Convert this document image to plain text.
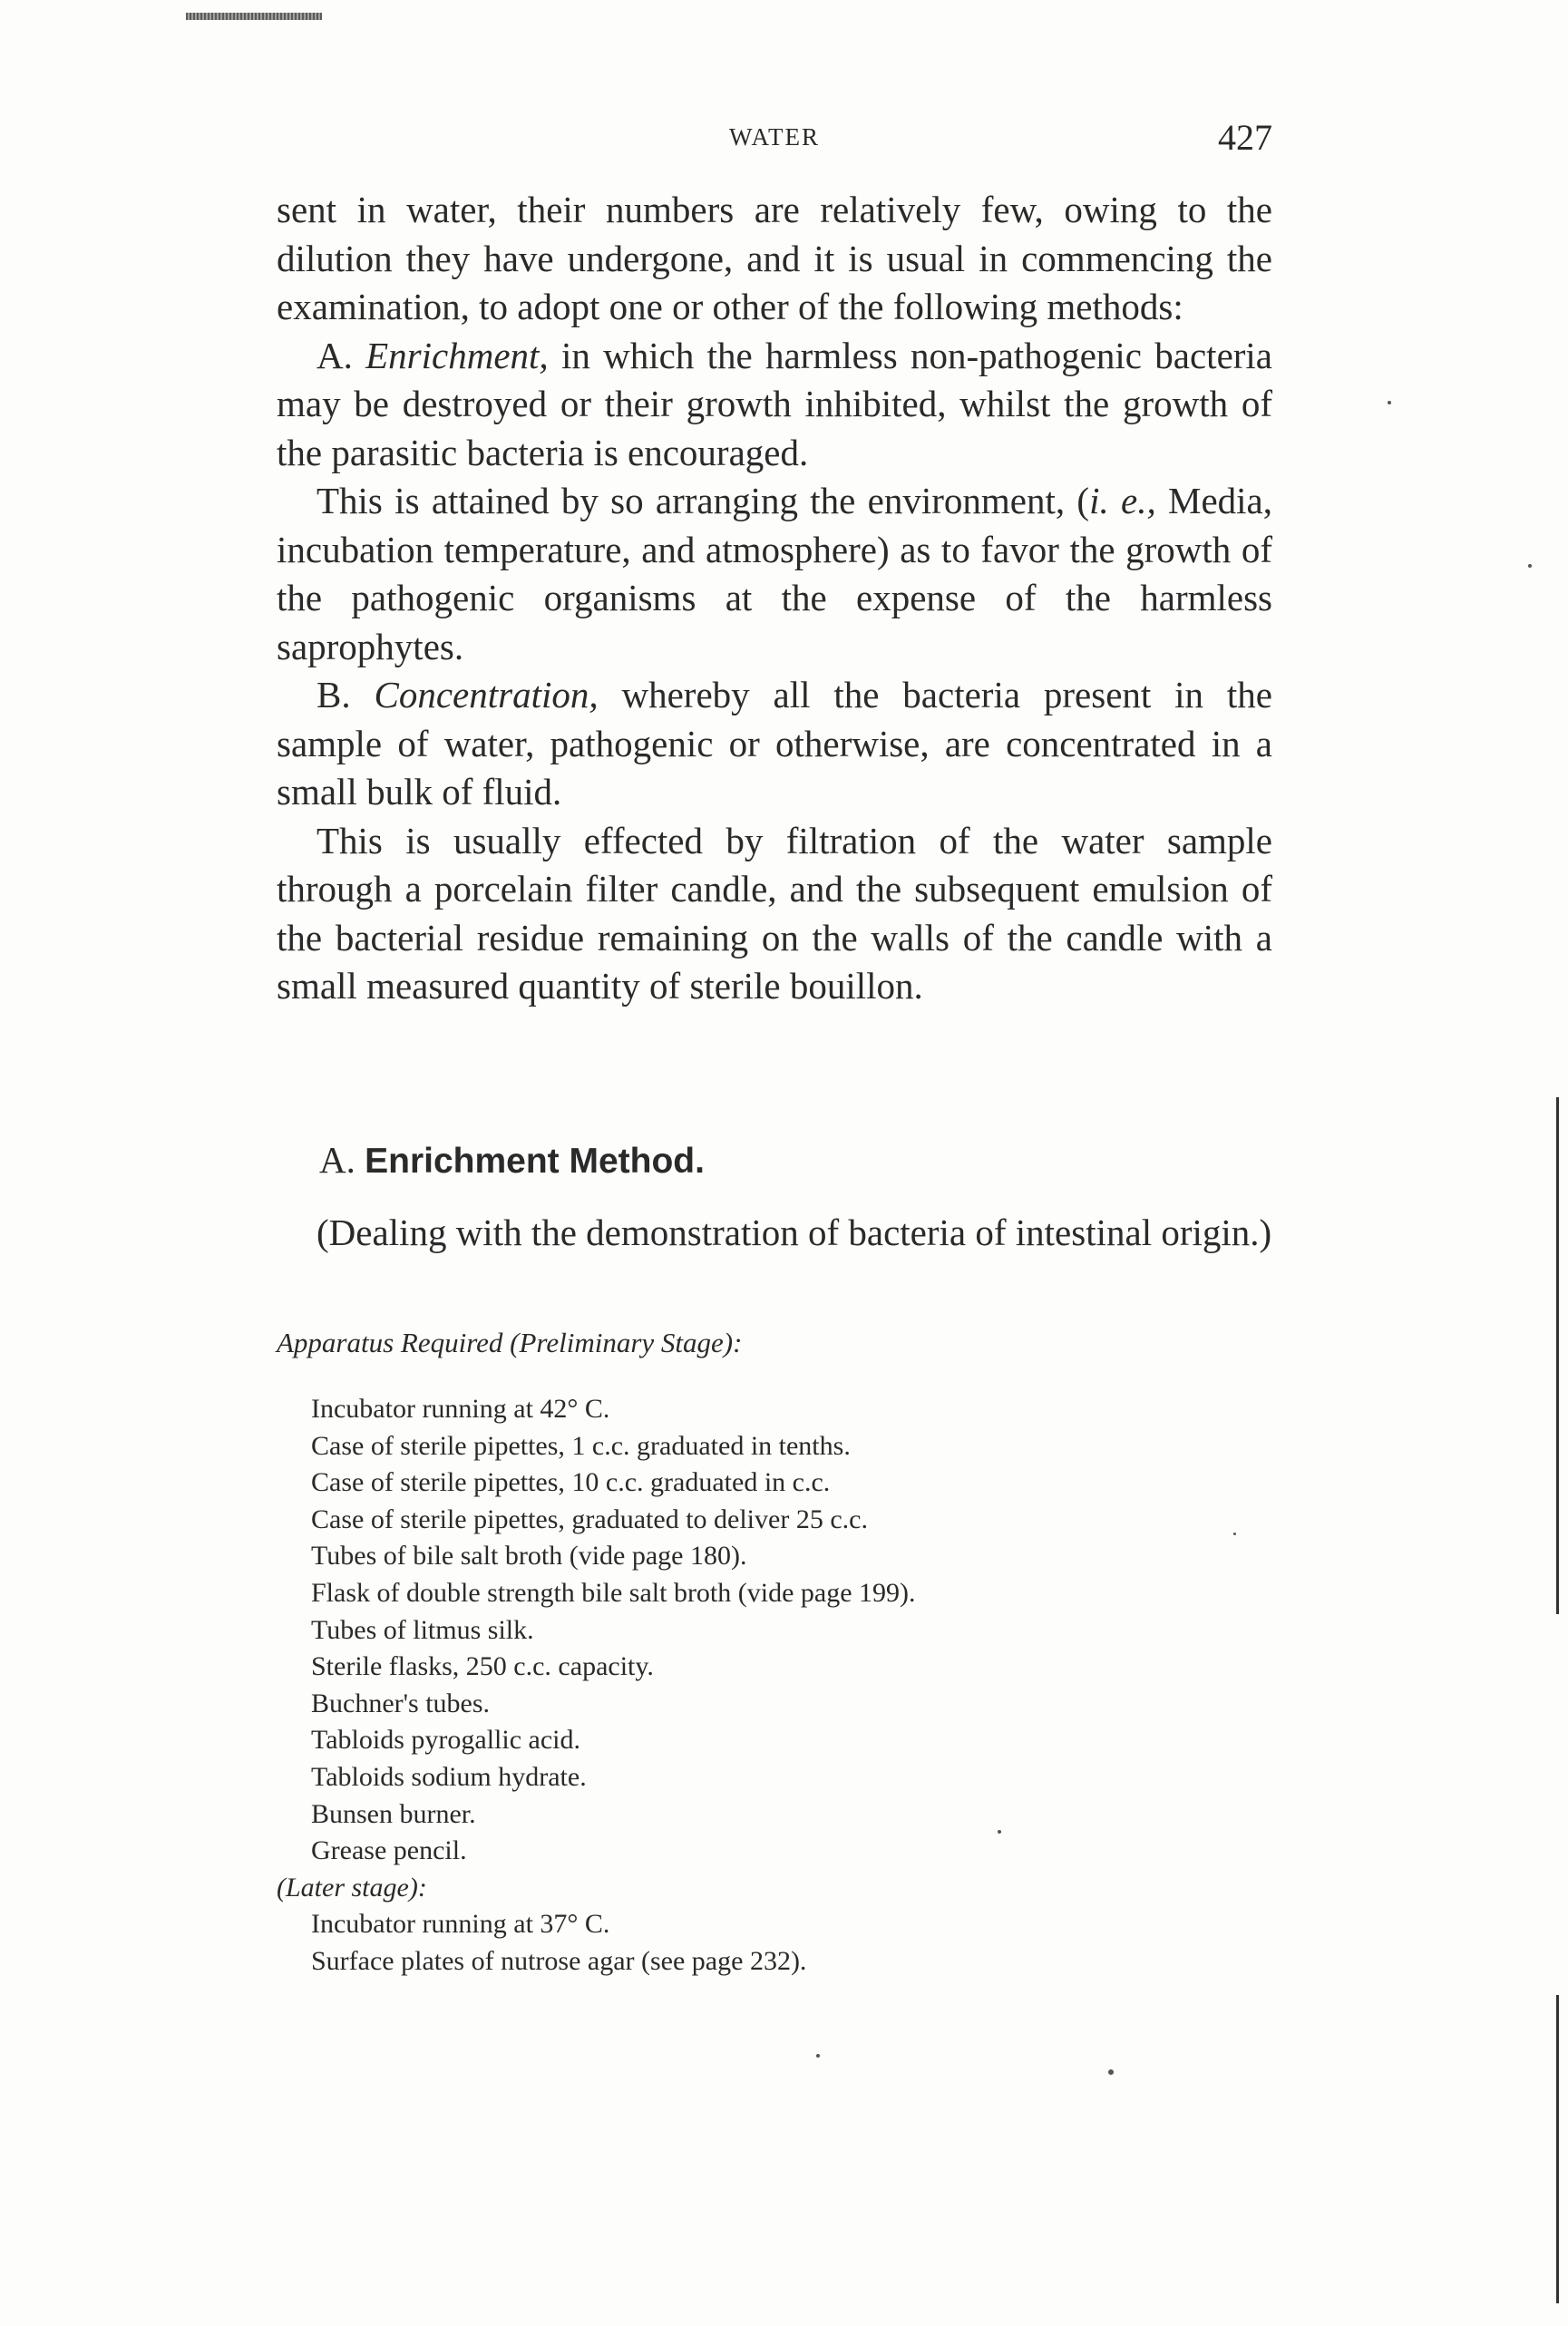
WATER	427

sent in water, their numbers are relatively few, owing to the dilution they have undergone, and it is usual in commencing the examination, to adopt one or other of the following methods:

A. Enrichment, in which the harmless non-pathogenic bacteria may be destroyed or their growth inhibited, whilst the growth of the parasitic bacteria is encouraged.

This is attained by so arranging the environment, (i. e., Media, incubation temperature, and atmosphere) as to favor the growth of the pathogenic organisms at the expense of the harmless saprophytes.

B. Concentration, whereby all the bacteria present in the sample of water, pathogenic or otherwise, are concentrated in a small bulk of fluid.

This is usually effected by filtration of the water sample through a porcelain filter candle, and the subsequent emulsion of the bacterial residue remaining on the walls of the candle with a small measured quantity of sterile bouillon.

A. Enrichment Method.

(Dealing with the demonstration of bacteria of intestinal origin.)

Apparatus Required (Preliminary Stage):
Incubator running at 42° C.
Case of sterile pipettes, 1 c.c. graduated in tenths.
Case of sterile pipettes, 10 c.c. graduated in c.c.
Case of sterile pipettes, graduated to deliver 25 c.c.
Tubes of bile salt broth (vide page 180).
Flask of double strength bile salt broth (vide page 199).
Tubes of litmus silk.
Sterile flasks, 250 c.c. capacity.
Buchner's tubes.
Tabloids pyrogallic acid.
Tabloids sodium hydrate.
Bunsen burner.
Grease pencil.
(Later stage):
Incubator running at 37° C.
Surface plates of nutrose agar (see page 232).
